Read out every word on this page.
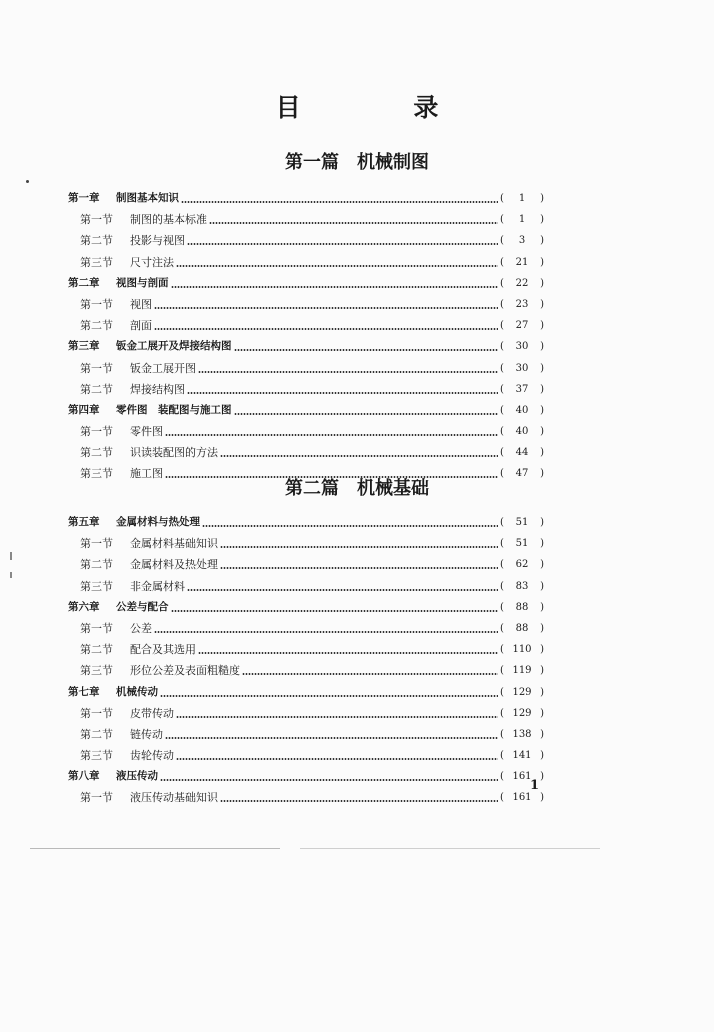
目 录
第一篇 机械制图
第一章 制图基本知识	(	1	)
第一节 制图的基本标准	(	1	)
第二节 投影与视图	(	3	)
第三节 尺寸注法	(	21	)
第二章 视图与剖面	(	22	)
第一节 视图	(	23	)
第二节 剖面	(	27	)
第三章 钣金工展开及焊接结构图	(	30	)
第一节 钣金工展开图	(	30	)
第二节 焊接结构图	(	37	)
第四章 零件图　装配图与施工图	(	40	)
第一节 零件图	(	40	)
第二节 识读装配图的方法	(	44	)
第三节 施工图	(	47	)
第二篇 机械基础
第五章 金属材料与热处理	(	51	)
第一节 金属材料基础知识	(	51	)
第二节 金属材料及热处理	(	62	)
第三节 非金属材料	(	83	)
第六章 公差与配合	(	88	)
第一节 公差	(	88	)
第二节 配合及其选用	( 110 )
第三节 形位公差及表面粗糙度	( 119 )
第七章 机械传动	( 129 )
第一节 皮带传动	( 129 )
第二节 链传动	( 138 )
第三节 齿轮传动	( 141 )
第八章 液压传动	( 161 )
第一节 液压传动基础知识	( 161 )
1
